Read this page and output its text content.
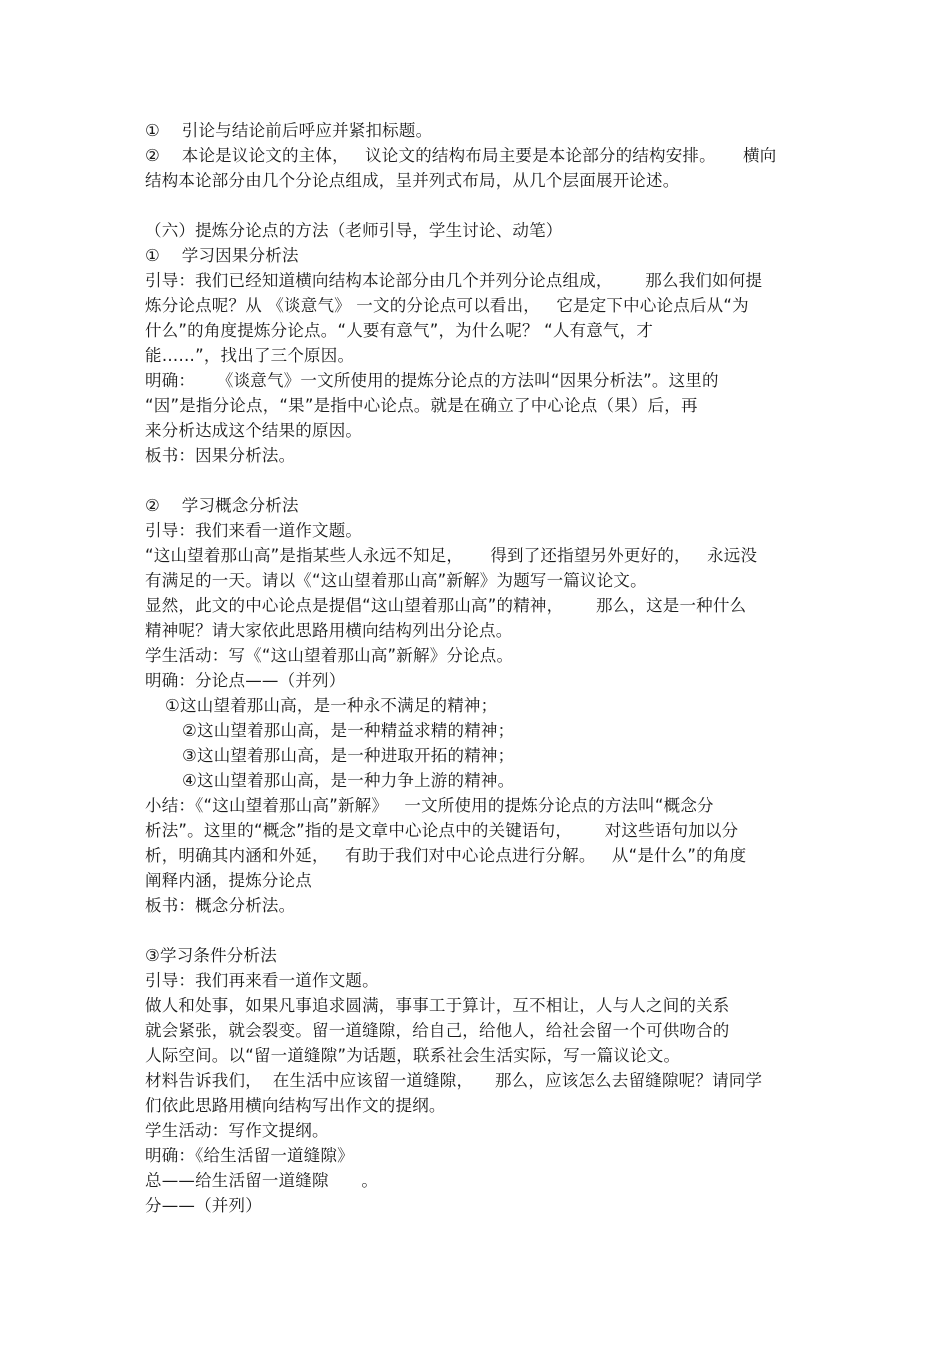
①    引论与结论前后呼应并紧扣标题。
②    本论是议论文的主体，   议论文的结构布局主要是本论部分的结构安排。     横向
结构本论部分由几个分论点组成，呈并列式布局，从几个层面展开论述。
（六）提炼分论点的方法（老师引导，学生讨论、动笔）
①    学习因果分析法
引导：我们已经知道横向结构本论部分由几个并列分论点组成，      那么我们如何提
炼分论点呢？从 《谈意气》 一文的分论点可以看出，   它是定下中心论点后从“为
什么”的角度提炼分论点。“人要有意气”，为什么呢？ “人有意气，才
能……”，找出了三个原因。
明确：    《谈意气》一文所使用的提炼分论点的方法叫“因果分析法”。这里的
“因”是指分论点，“果”是指中心论点。就是在确立了中心论点（果）后，再
来分析达成这个结果的原因。
板书：因果分析法。
②    学习概念分析法
引导：我们来看一道作文题。
“这山望着那山高”是指某些人永远不知足，     得到了还指望另外更好的，   永远没
有满足的一天。请以《“这山望着那山高”新解》为题写一篇议论文。
显然，此文的中心论点是提倡“这山望着那山高”的精神，      那么，这是一种什么
精神呢？请大家依此思路用横向结构列出分论点。
学生活动：写《“这山望着那山高”新解》分论点。
明确：分论点——（并列）
①这山望着那山高，是一种永不满足的精神；
②这山望着那山高，是一种精益求精的精神；
③这山望着那山高，是一种进取开拓的精神；
④这山望着那山高，是一种力争上游的精神。
小结：《“这山望着那山高”新解》   一文所使用的提炼分论点的方法叫“概念分
析法”。这里的“概念”指的是文章中心论点中的关键语句，      对这些语句加以分
析，明确其内涵和外延，   有助于我们对中心论点进行分解。   从“是什么”的角度
阐释内涵，提炼分论点
板书：概念分析法。
③学习条件分析法
引导：我们再来看一道作文题。
做人和处事，如果凡事追求圆满，事事工于算计，互不相让，人与人之间的关系
就会紧张，就会裂变。留一道缝隙，给自己，给他人，给社会留一个可供吻合的
人际空间。以“留一道缝隙”为话题，联系社会生活实际，写一篇议论文。
材料告诉我们，  在生活中应该留一道缝隙，    那么，应该怎么去留缝隙呢？请同学
们依此思路用横向结构写出作文的提纲。
学生活动：写作文提纲。
明确：《给生活留一道缝隙》
总——给生活留一道缝隙      。
分——（并列）
